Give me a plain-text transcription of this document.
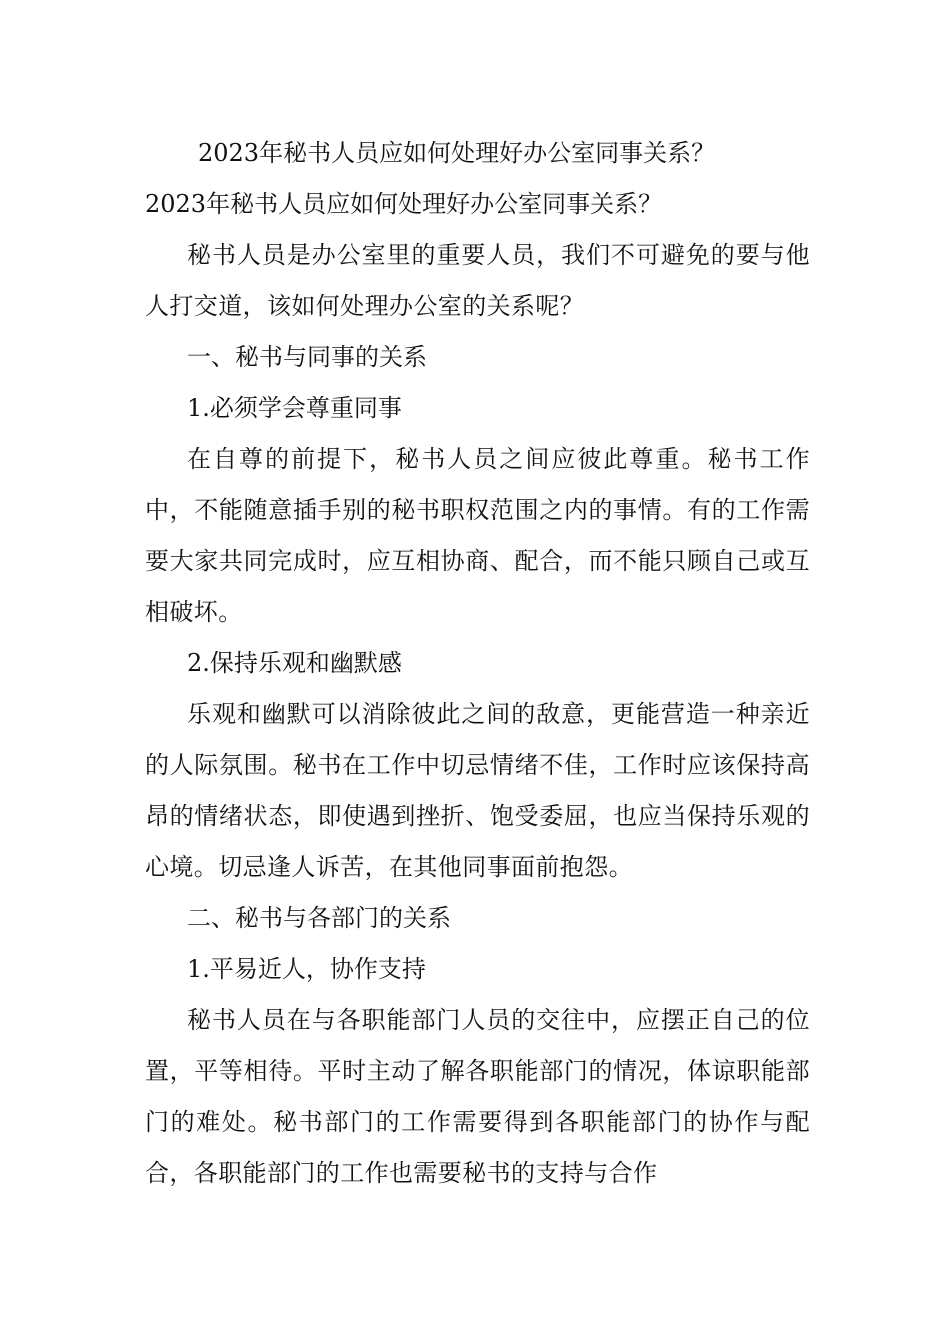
2023年秘书人员应如何处理好办公室同事关系？
2023年秘书人员应如何处理好办公室同事关系？
秘书人员是办公室里的重要人员，我们不可避免的要与他人打交道，该如何处理办公室的关系呢？
一、秘书与同事的关系
1.必须学会尊重同事
在自尊的前提下，秘书人员之间应彼此尊重。秘书工作中，不能随意插手别的秘书职权范围之内的事情。有的工作需要大家共同完成时，应互相协商、配合，而不能只顾自己或互相破坏。
2.保持乐观和幽默感
乐观和幽默可以消除彼此之间的敌意，更能营造一种亲近的人际氛围。秘书在工作中切忌情绪不佳，工作时应该保持高昂的情绪状态，即使遇到挫折、饱受委屈，也应当保持乐观的心境。切忌逢人诉苦，在其他同事面前抱怨。
二、秘书与各部门的关系
1.平易近人，协作支持
秘书人员在与各职能部门人员的交往中，应摆正自己的位置，平等相待。平时主动了解各职能部门的情况，体谅职能部门的难处。秘书部门的工作需要得到各职能部门的协作与配合，各职能部门的工作也需要秘书的支持与合作
